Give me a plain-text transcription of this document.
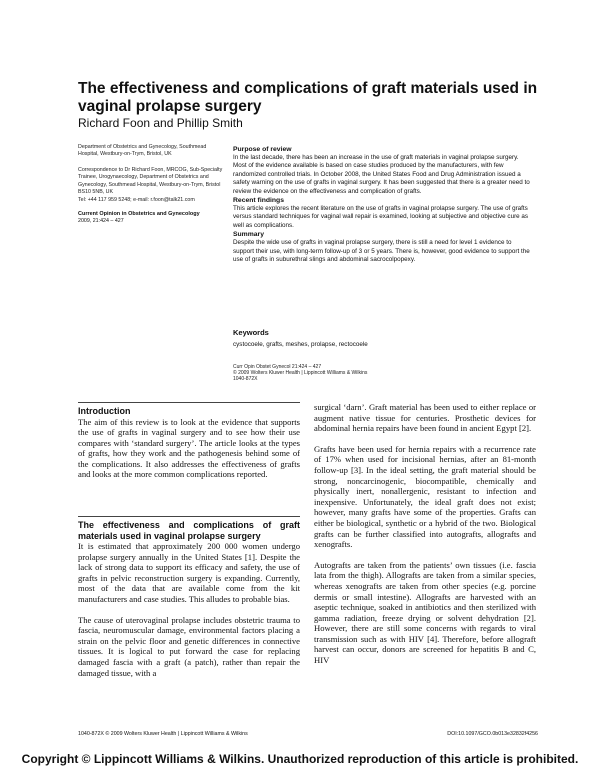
The effectiveness and complications of graft materials used in vaginal prolapse surgery
Richard Foon and Phillip Smith
Department of Obstetrics and Gynecology, Southmead Hospital, Westbury-on-Trym, Bristol, UK
Correspondence to Dr Richard Foon, MRCOG, Sub-Specialty Trainee, Urogynaecology, Department of Obstetrics and Gynecology, Southmead Hospital, Westbury-on-Trym, Bristol BS10 5NB, UK
Tel: +44 117 959 5248; e-mail: r.foon@talk21.com
Current Opinion in Obstetrics and Gynecology
2009, 21:424 – 427
Purpose of review

In the last decade, there has been an increase in the use of graft materials in vaginal prolapse surgery. Most of the evidence available is based on case studies produced by the manufacturers, with few randomized controlled trials. In October 2008, the United States Food and Drug Administration issued a safety warning on the use of grafts in vaginal surgery. It has been suggested that there is a greater need to review the evidence on the effectiveness and complication of grafts.

Recent findings

This article explores the recent literature on the use of grafts in vaginal prolapse surgery. The use of grafts versus standard techniques for vaginal wall repair is examined, looking at subjective and objective cure as well as complications.

Summary

Despite the wide use of grafts in vaginal prolapse surgery, there is still a need for level 1 evidence to support their use, with long-term follow-up of 3 or 5 years. There is, however, good evidence to support the use of grafts in suburethral slings and abdominal sacrocolpopexy.

Keywords
cystocoele, grafts, meshes, prolapse, rectocoele
Curr Opin Obstet Gynecol 21:424 – 427
© 2009 Wolters Kluwer Health | Lippincott Williams & Wilkins
1040-872X
Introduction

The aim of this review is to look at the evidence that supports the use of grafts in vaginal surgery and to see how their use compares with ‘standard surgery’. The article looks at the types of grafts, how they work and the pathogenesis behind some of the complications. It also addresses the effectiveness of grafts and looks at the more common complications reported.

The effectiveness and complications of graft materials used in vaginal prolapse surgery

It is estimated that approximately 200 000 women undergo prolapse surgery annually in the United States [1]. Despite the lack of strong data to support its efficacy and safety, the use of grafts in pelvic reconstruction surgery is expanding. Currently, most of the data that are available come from the kit manufacturers and case studies. This alludes to probable bias.

The cause of uterovaginal prolapse includes obstetric trauma to fascia, neuromuscular damage, environmental factors placing a strain on the pelvic floor and genetic differences in connective tissues. It is logical to put forward the case for replacing damaged fascia with a graft (a patch), rather than repair the damaged tissue, with a

surgical ‘darn’. Graft material has been used to either replace or augment native tissue for centuries. Prosthetic devices for abdominal hernia repairs have been found in ancient Egypt [2].

Grafts have been used for hernia repairs with a recurrence rate of 17% when used for incisional hernias, after an 81-month follow-up [3]. In the ideal setting, the graft material should be strong, noncarcinogenic, biocompatible, chemically and physically inert, nonallergenic, resistant to infection and inexpensive. Unfortunately, the ideal graft does not exist; however, many grafts have some of the properties. Grafts can either be biological, synthetic or a hybrid of the two. Biological grafts can be further classified into autografts, allografts and xenografts.

Autografts are taken from the patients’ own tissues (i.e. fascia lata from the thigh). Allografts are taken from a similar species, whereas xenografts are taken from other species (e.g. porcine dermis or small intestine). Allografts are harvested with an aseptic technique, soaked in antibiotics and then sterilized with gamma radiation, freeze drying or solvent dehydration [2]. However, there are still some concerns with regards to viral transmission such as with HIV [4]. Therefore, before allograft harvest can occur, donors are screened for hepatitis B and C, HIV

1040-872X © 2009 Wolters Kluwer Health | Lippincott Williams & Wilkins	DOI:10.1097/GCO.0b013e32832f4256
Copyright © Lippincott Williams & Wilkins. Unauthorized reproduction of this article is prohibited.
